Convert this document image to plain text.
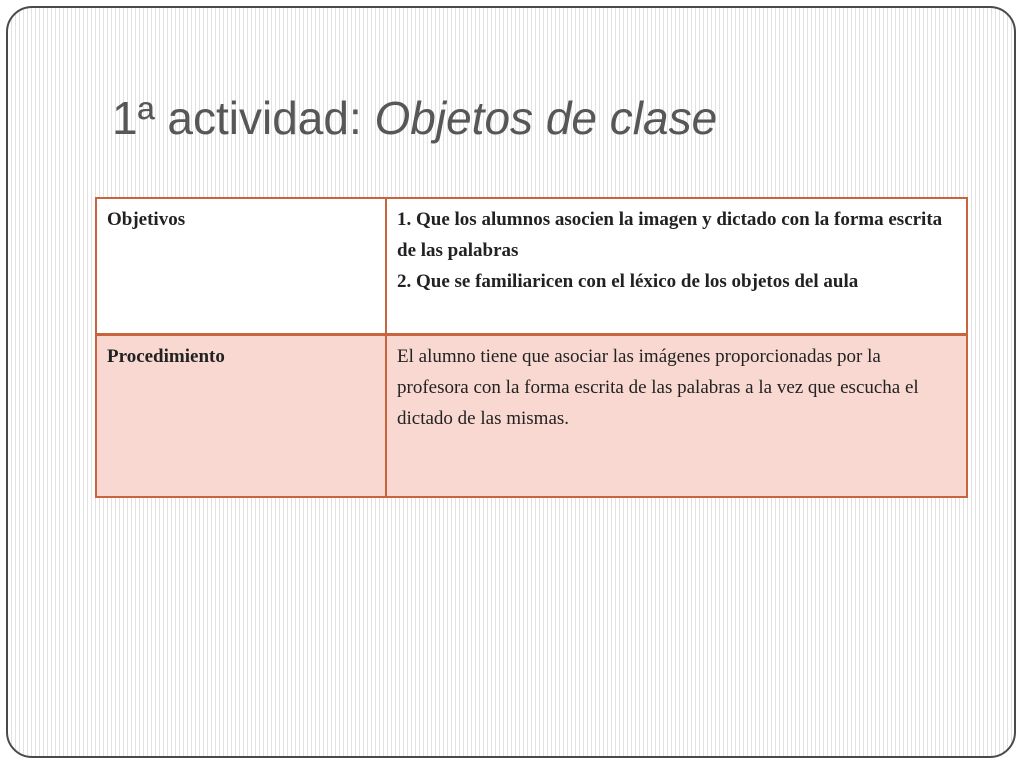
1ª actividad: Objetos de clase
Objetivos	1. Que los alumnos asocien la imagen y dictado con la forma escrita de las palabras
2. Que se familiaricen con el léxico de los objetos del aula

Procedimiento	El alumno tiene que asociar las imágenes proporcionadas por la profesora con la forma escrita de las palabras a la vez que escucha el dictado de las mismas.
